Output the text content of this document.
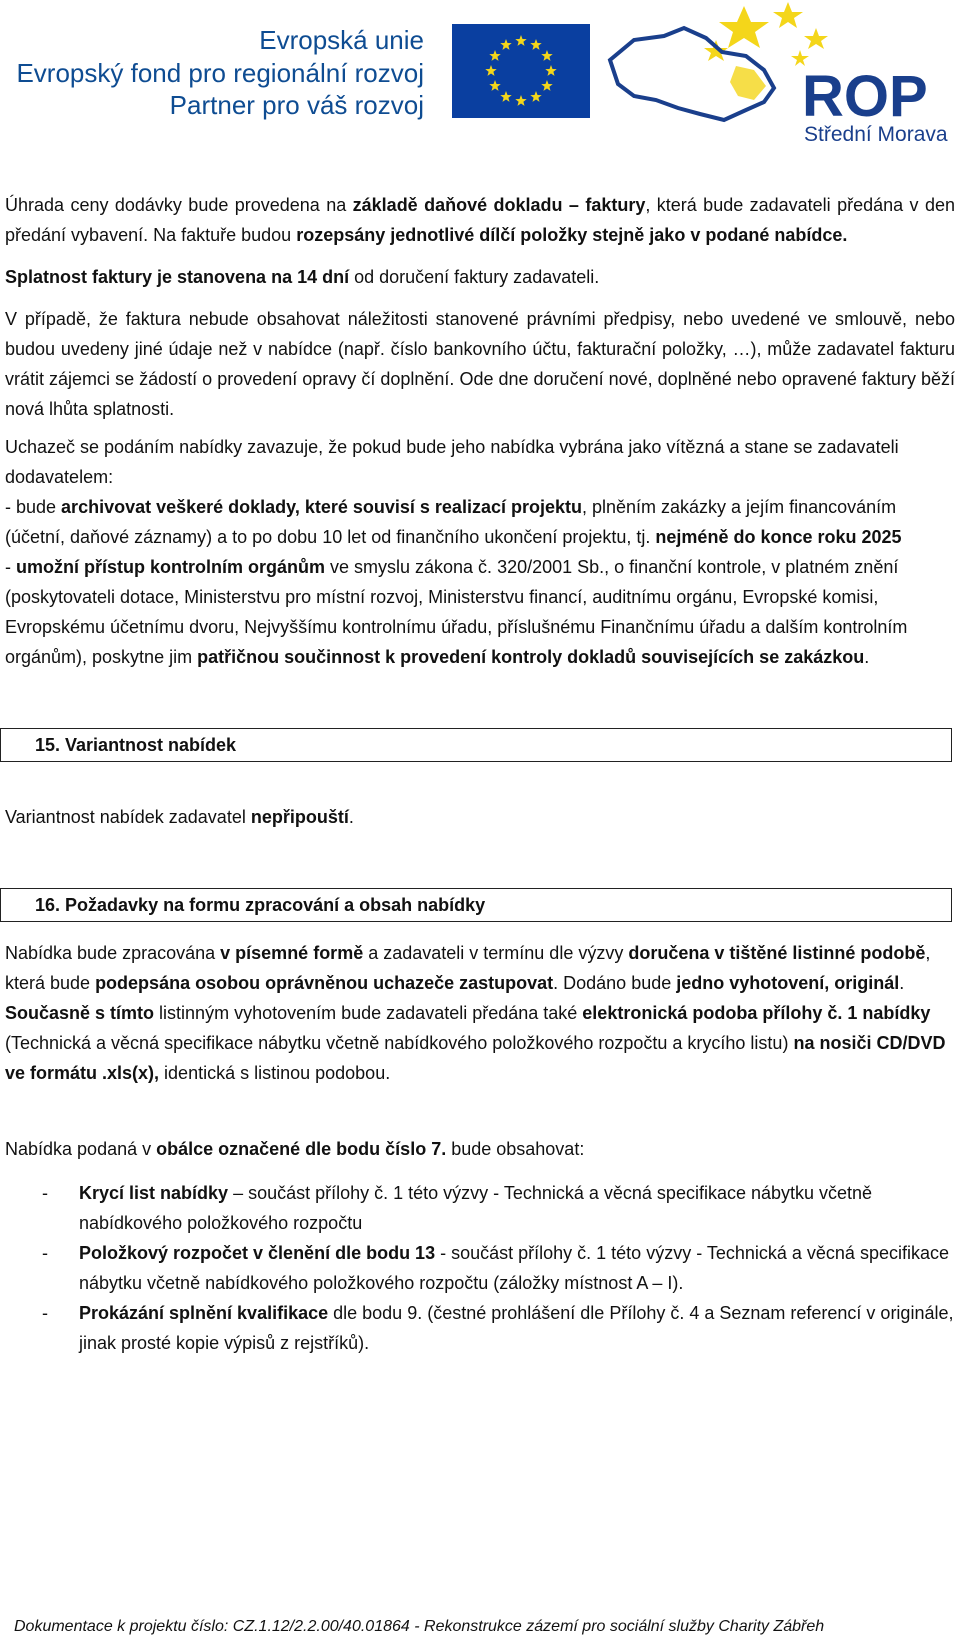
Evropská unie
Evropský fond pro regionální rozvoj
Partner pro váš rozvoj	ROP
Střední Morava

Úhrada ceny dodávky bude provedena na základě daňové dokladu – faktury, která bude zadavateli předána v den předání vybavení. Na faktuře budou rozepsány jednotlivé dílčí položky stejně jako v podané nabídce.

Splatnost faktury je stanovena na 14 dní od doručení faktury zadavateli.

V případě, že faktura nebude obsahovat náležitosti stanovené právními předpisy, nebo uvedené ve smlouvě, nebo budou uvedeny jiné údaje než v nabídce (např. číslo bankovního účtu, fakturační položky, …), může zadavatel fakturu vrátit zájemci se žádostí o provedení opravy čí doplnění. Ode dne doručení nové, doplněné nebo opravené faktury běží nová lhůta splatnosti.

Uchazeč se podáním nabídky zavazuje, že pokud bude jeho nabídka vybrána jako vítězná a stane se zadavateli dodavatelem:
- bude archivovat veškeré doklady, které souvisí s realizací projektu, plněním zakázky a jejím financováním (účetní, daňové záznamy) a to po dobu 10 let od finančního ukončení projektu, tj. nejméně do konce roku 2025
- umožní přístup kontrolním orgánům ve smyslu zákona č. 320/2001 Sb., o finanční kontrole, v platném znění (poskytovateli dotace, Ministerstvu pro místní rozvoj, Ministerstvu financí, auditnímu orgánu, Evropské komisi, Evropskému účetnímu dvoru, Nejvyššímu kontrolnímu úřadu, příslušnému Finančnímu úřadu a dalším kontrolním orgánům), poskytne jim patřičnou součinnost k provedení kontroly dokladů souvisejících se zakázkou.

15. Variantnost nabídek

Variantnost nabídek zadavatel nepřipouští.

16. Požadavky na formu zpracování a obsah nabídky

Nabídka bude zpracována v písemné formě a zadavateli v termínu dle výzvy doručena v tištěné listinné podobě, která bude podepsána osobou oprávněnou uchazeče zastupovat. Dodáno bude jedno vyhotovení, originál. Současně s tímto listinným vyhotovením bude zadavateli předána také elektronická podoba přílohy č. 1 nabídky (Technická a věcná specifikace nábytku včetně nabídkového položkového rozpočtu a krycího listu) na nosiči CD/DVD ve formátu .xls(x), identická s listinou podobou.

Nabídka podaná v obálce označené dle bodu číslo 7. bude obsahovat:

- Krycí list nabídky – součást přílohy č. 1 této výzvy - Technická a věcná specifikace nábytku včetně nabídkového položkového rozpočtu
- Položkový rozpočet v členění dle bodu 13 - součást přílohy č. 1 této výzvy - Technická a věcná specifikace nábytku včetně nabídkového položkového rozpočtu (záložky místnost A – I).
- Prokázání splnění kvalifikace dle bodu 9. (čestné prohlášení dle Přílohy č. 4 a Seznam referencí v originále, jinak prosté kopie výpisů z rejstříků).
Dokumentace k projektu číslo: CZ.1.12/2.2.00/40.01864 - Rekonstrukce zázemí pro sociální služby Charity Zábřeh
